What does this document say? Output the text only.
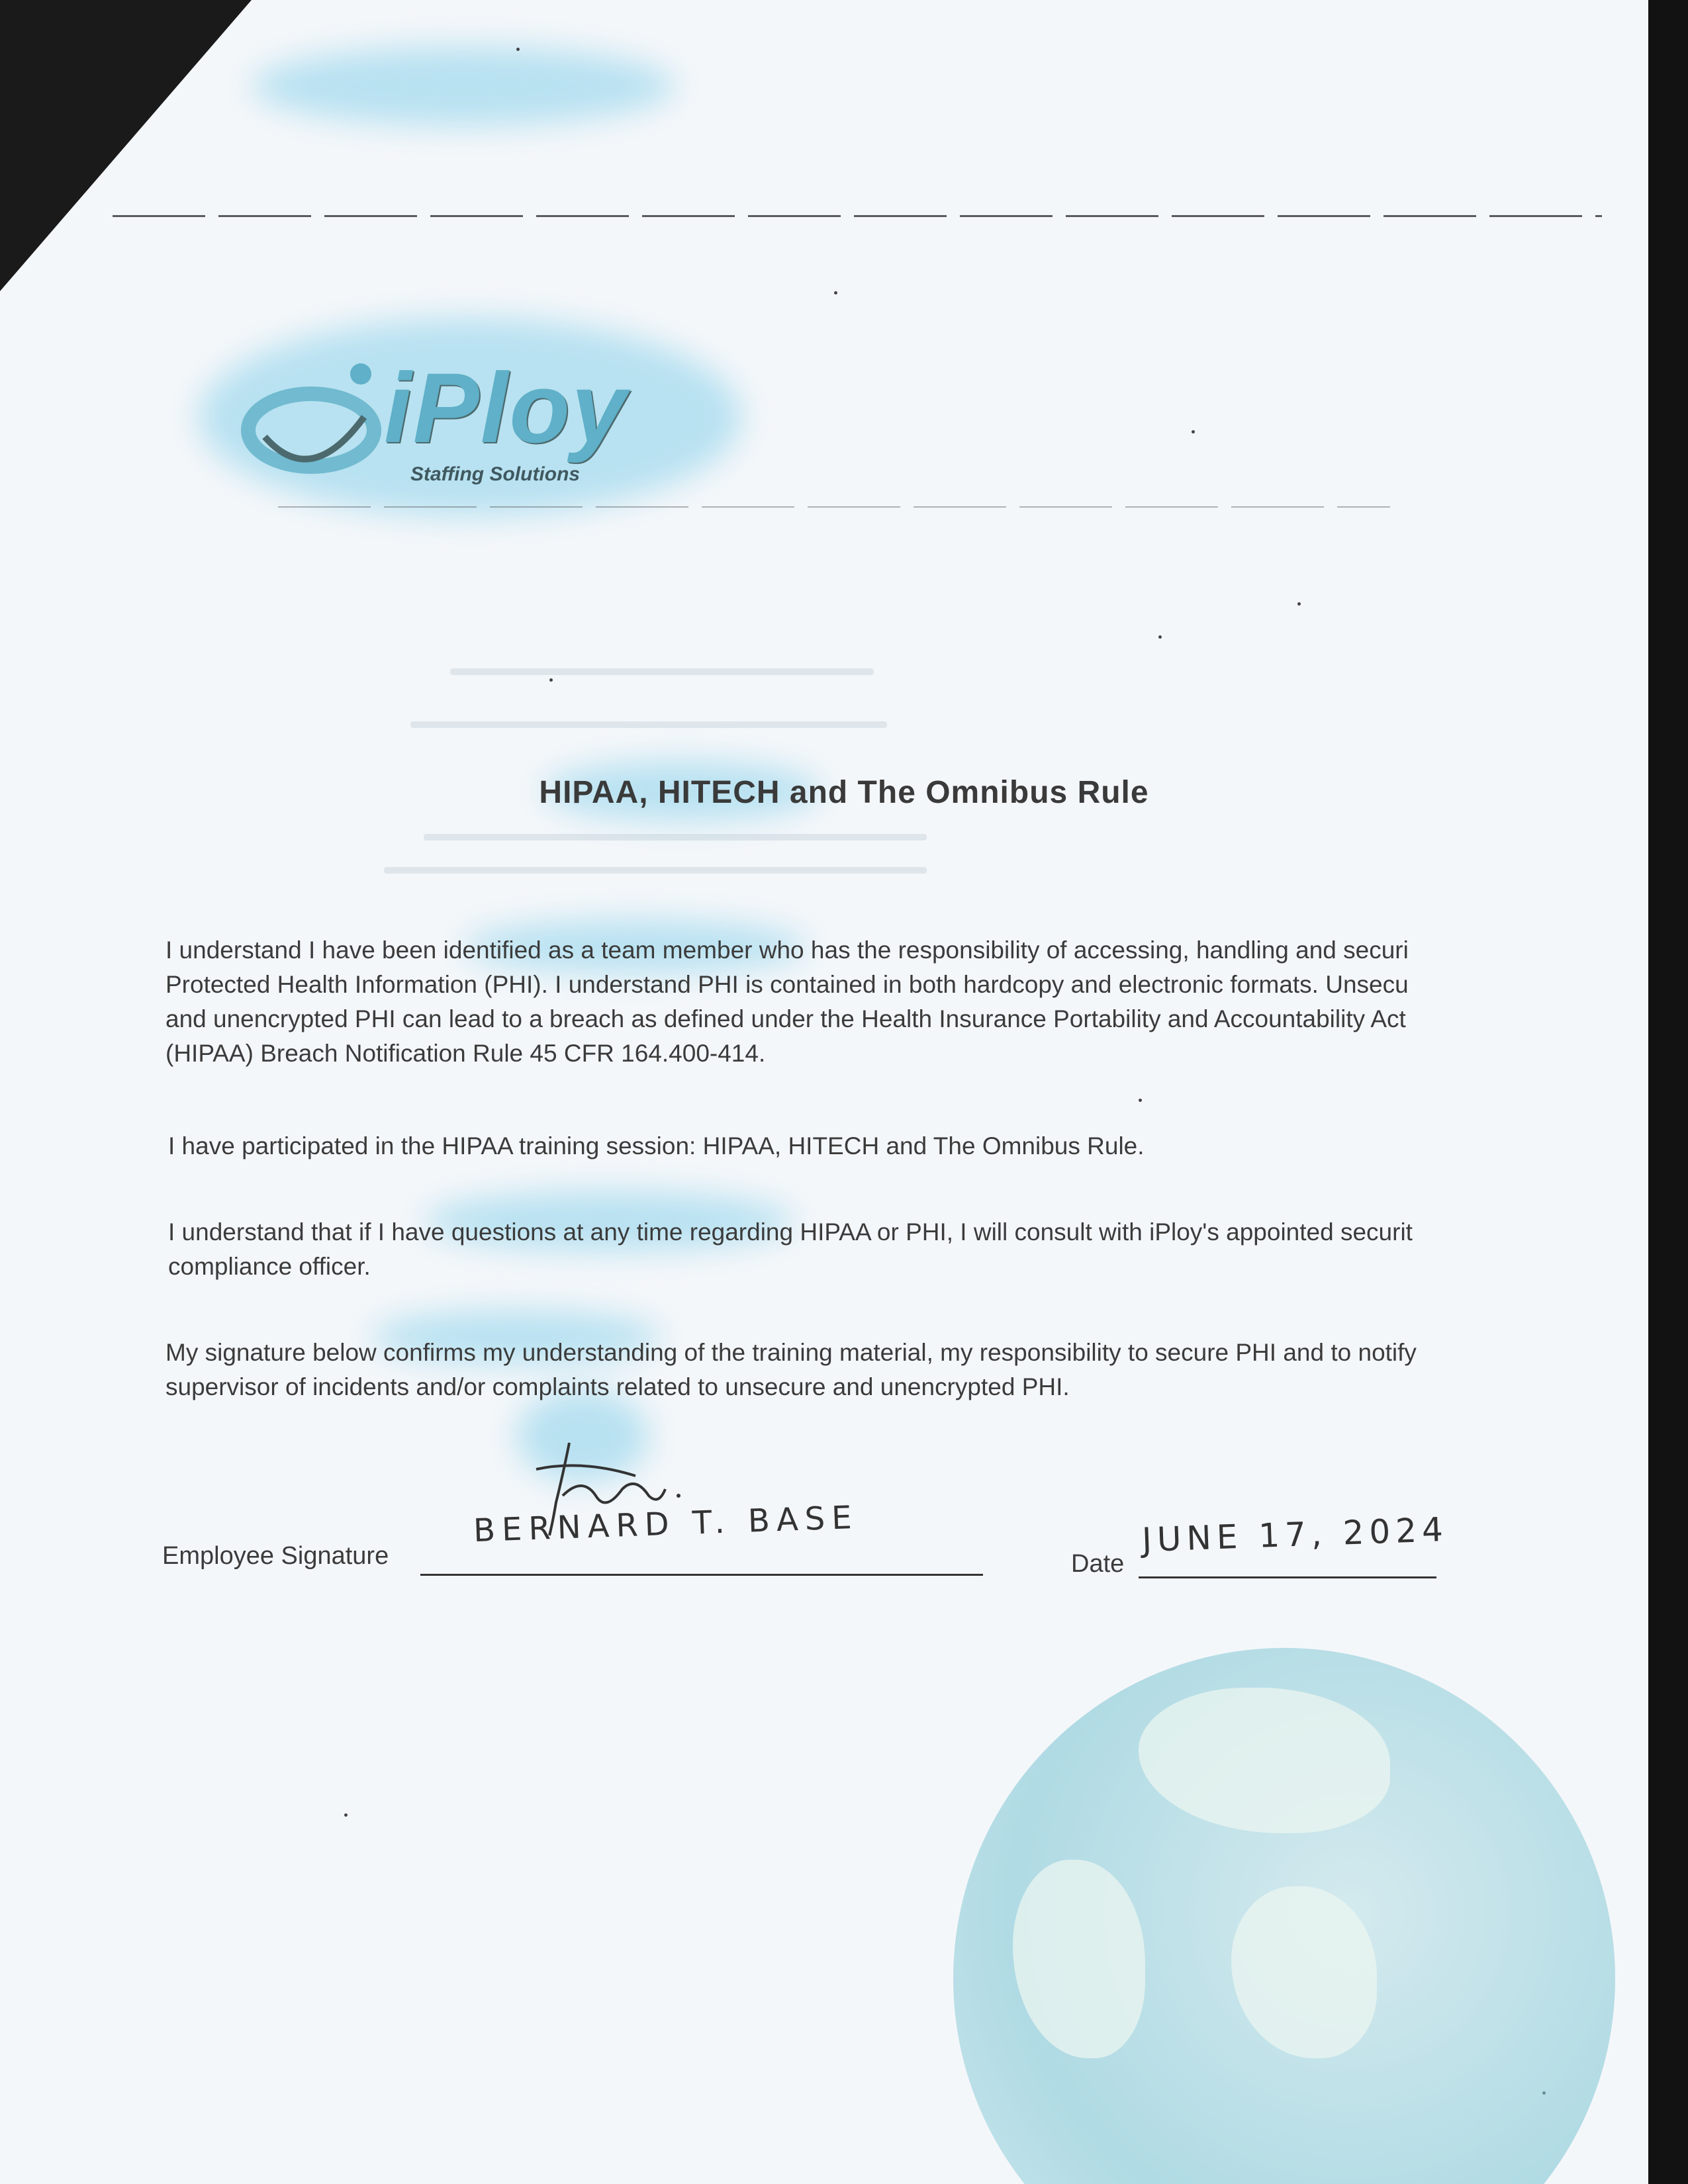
iPloy
Staffing Solutions
HIPAA, HITECH and The Omnibus Rule
I understand I have been identified as a team member who has the responsibility of accessing, handling and securi
Protected Health Information (PHI). I understand PHI is contained in both hardcopy and electronic formats. Unsecu
and unencrypted PHI can lead to a breach as defined under the Health Insurance Portability and Accountability Act
(HIPAA) Breach Notification Rule 45 CFR 164.400-414.
I have participated in the HIPAA training session: HIPAA, HITECH and The Omnibus Rule.
I understand that if I have questions at any time regarding HIPAA or PHI, I will consult with iPloy's appointed securit
compliance officer.
My signature below confirms my understanding of the training material, my responsibility to secure PHI and to notify
supervisor of incidents and/or complaints related to unsecure and unencrypted PHI.
Employee Signature
BERNARD T. BASE
Date
JUNE 17, 2024
